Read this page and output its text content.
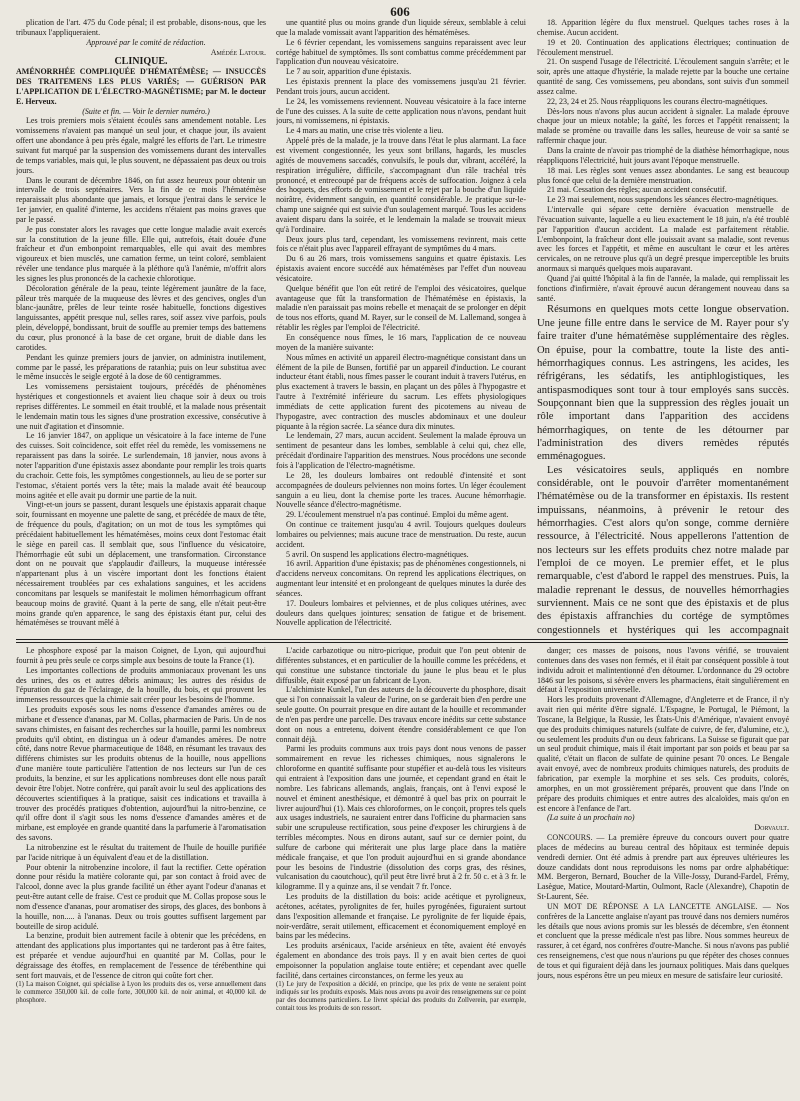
606

plication de l'art. 475 du Code pénal; il est probable, disons-nous, que les tribunaux l'appliqueraient.

Approuvé par le comité de rédaction.

Amédée Latour.

CLINIQUE.

AMÉNORRHÉE COMPLIQUÉE D'HÉMATÉMÈSE; — INSUCCÈS DES TRAITEMENS LES PLUS VARIÉS; — GUÉRISON PAR L'APPLICATION DE L'ÉLECTRO-MAGNÉTISME; par M. le docteur E. Herveux.

(Suite et fin. — Voir le dernier numéro.)

Les trois premiers mois s'étaient écoulés sans amendement notable. Les vomissemens n'avaient pas manqué un seul jour, et chaque jour, ils avaient offert une abondance à peu près égale, malgré les efforts de l'art. Le trimestre suivant fut marqué par la suspension des vomissemens durant des intervalles de temps variables, mais qui, le plus souvent, ne dépassaient pas deux ou trois jours.

Dans le courant de décembre 1846, on fut assez heureux pour obtenir un intervalle de trois septénaires. Vers la fin de ce mois l'hématémèse reparaissait plus abondante que jamais, et lorsque j'entrai dans le service le 1er janvier, en qualité d'interne, les accidens n'étaient pas moins graves que par le passé.

Je pus constater alors les ravages que cette longue maladie avait exercés sur la constitution de la jeune fille. Elle qui, autrefois, était douée d'une fraîcheur et d'un embonpoint remarquables, elle qui avait des membres vigoureux et bien musclés, une carnation ferme, un teint coloré, semblaient révéler une tendance plus marquée à la pléthore qu'à l'anémie, m'offrit alors les signes les plus prononcés de la cachexie chlorotique.

Décoloration générale de la peau, teinte légèrement jaunâtre de la face, pâleur très marquée de la muqueuse des lèvres et des gencives, ongles d'un blanc-jaunâtre, prêles de leur teinte rosée habituelle, fonctions digestives languissantes, appétit presque nul, selles rares, soif assez vive parfois, pouls plein, développé, bondissant, bruit de souffle au premier temps des battemens du cœur, plus prononcé à la base de cet organe, bruit de diable dans les carotides.

Pendant les quinze premiers jours de janvier, on administra inutilement, comme par le passé, les préparations de ratanhia; puis on leur substitua avec le même insuccès le seigle ergoté à la dose de 60 centigrammes.

Les vomissemens persistaient toujours, précédés de phénomènes hystériques et congestionnels et avaient lieu chaque soir à deux ou trois reprises différentes. Le sommeil en était troublé, et la malade nous présentait le lendemain matin tous les signes d'une prostration excessive, consécutive à une nuit d'agitation et d'insomnie.

Le 16 janvier 1847, on applique un vésicatoire à la face interne de l'une des cuisses. Soit coïncidence, soit effet réel du remède, les vomissemens ne reparaissent pas dans la soirée. Le surlendemain, 18 janvier, nous avons à noter l'apparition d'une épistaxis assez abondante pour remplir les trois quarts du crachoir. Cette fois, les symptômes congestionnels, au lieu de se porter sur l'estomac, s'étaient portés vers la tête; mais la malade avait été beaucoup moins agitée et elle avait pu dormir une partie de la nuit.

Vingt-et-un jours se passent, durant lesquels une épistaxis apparait chaque soir, fournissant en moyenne une palette de sang, et précédée de maux de tête, de fréquence du pouls, d'agitation; on un mot de tous les symptômes qui précédaient habituellement les hématémèses, moins ceux dont l'estomac était le siège en pareil cas. Il semblait que, sous l'influence du vésicatoire, l'hémorrhagie eût subi un déplacement, une transformation. Circonstance dont on ne pouvait que s'applaudir d'ailleurs, la muqueuse intéressée n'appartenant plus à un viscère important dont les fonctions étaient nécessairement troublées par ces exhalations sanguines, et les accidens concomitans par lesquels se manifestait le molimen hémorrhagicum offrant beaucoup moins de gravité. Quant à la perte de sang, elle n'était peut-être moins grande qu'en apparence, le sang des épistaxis étant pur, celui des hématémèses se trouvant mêlé à

une quantité plus ou moins grande d'un liquide séreux, semblable à celui que la malade vomissait avant l'apparition des hématémèses.

Le 6 février cependant, les vomissemens sanguins reparaissent avec leur cortége habituel de symptômes. Ils sont combattus comme précédemment par l'application d'un nouveau vésicatoire.

Le 7 au soir, apparition d'une épistaxis.

Les épistaxis prennent la place des vomissemens jusqu'au 21 février. Pendant trois jours, aucun accident.

Le 24, les vomissemens reviennent. Nouveau vésicatoire à la face interne de l'une des cuisses. A la suite de cette application nous n'avons, pendant huit jours, ni vomissemens, ni épistaxis.

Le 4 mars au matin, une crise très violente a lieu.

Appelé près de la malade, je la trouve dans l'état le plus alarmant. La face est vivement congestionnée, les yeux sont brillans, hagards, les muscles agités de mouvemens saccadés, convulsifs, le pouls dur, vibrant, accéléré, la respiration irrégulière, difficile, s'accompagnant d'un râle trachéal très prononcé, et entrecoupé par de fréquens accès de suffocation. Joignez à cela des hoquets, des efforts de vomissement et le rejet par la bouche d'un liquide noirâtre, évidemment sanguin, en quantité considérable. Je pratique sur-le-champ une saignée qui est suivie d'un soulagement marqué. Tous les accidens avaient disparu dans la soirée, et le lendemain la malade se trouvait mieux qu'à l'ordinaire.

Deux jours plus tard, cependant, les vomissemens revinrent, mais cette fois ce n'était plus avec l'appareil effrayant de symptômes du 4 mars.

Du 6 au 26 mars, trois vomissemens sanguins et quatre épistaxis. Les épistaxis avaient encore succédé aux hématémèses par l'effet d'un nouveau vésicatoire.

Quelque bénéfit que l'on eût retiré de l'emploi des vésicatoires, quelque avantageuse que fût la transformation de l'hématémèse en épistaxis, la maladie n'en paraissait pas moins rebelle et menaçait de se prolonger en dépit de tous nos efforts, quand M. Rayer, sur le conseil de M. Lallemand, songea à rétablir les règles par l'emploi de l'électricité.

En conséquence nous fîmes, le 16 mars, l'application de ce nouveau moyen de la manière suivante:

Nous mîmes en activité un appareil électro-magnétique consistant dans un élément de la pile de Bunsen, fortifié par un appareil d'induction. Le courant inducteur étant établi, nous fîmes passer le courant induit à travers l'utérus, en plus exactement à travers le bassin, en plaçant un des pôles à l'hypogastre et l'autre à l'extrémité inférieure du sacrum. Les effets physiologiques immédiats de cette application furent des picotemens au niveau de l'hypogastre, avec contraction des muscles abdominaux et une douleur piquante à la région sacrée. La séance dura dix minutes.

Le lendemain, 27 mars, aucun accident. Seulement la malade éprouva un sentiment de pesanteur dans les lombes, semblable à celui qui, chez elle, précédait d'ordinaire l'apparition des menstrues. Nous procédons une seconde fois à l'application de l'électro-magnétisme.

Le 28, les douleurs lombaires ont redoublé d'intensité et sont accompagnées de douleurs pelviennes non moins fortes. Un léger écoulement sanguin a eu lieu, dont la chemise porte les traces. Aucune hémorrhagie. Nouvelle séance d'électro-magnétisme.

29. L'écoulement menstruel n'a pas continué. Emploi du même agent.

On continue ce traitement jusqu'au 4 avril. Toujours quelques douleurs lombaires ou pelviennes; mais aucune trace de menstruation. Du reste, aucun accident.

5 avril. On suspend les applications électro-magnétiques.

16 avril. Apparition d'une épistaxis; pas de phénomènes congestionnels, ni d'accidens nerveux concomitans. On reprend les applications électriques, on augmentant leur intensité et en prolongeant de quelques minutes la durée des séances.

17. Douleurs lombaires et pelviennes, et de plus coliques utérines, avec douleurs dans quelques jointures; sensation de fatigue et de brisement. Nouvelle application de l'électricité.

18. Apparition légère du flux menstruel. Quelques taches roses à la chemise. Aucun accident.

19 et 20. Continuation des applications électriques; continuation de l'écoulement menstruel.

21. On suspend l'usage de l'électricité. L'écoulement sanguin s'arrête; et le soir, après une attaque d'hystérie, la malade rejette par la bouche une certaine quantité de sang. Ces vomissemens, peu abondans, sont suivis d'un sommeil assez calme.

22, 23, 24 et 25. Nous réappliquons les courans électro-magnétiques.

Dès-lors nous n'avons plus aucun accident à signaler. La malade éprouve chaque jour un mieux notable; la gaîté, les forces et l'appétit renaissent; la malade se promène ou travaille dans les salles, heureuse de voir sa santé se raffermir chaque jour.

Dans la crainte de n'avoir pas triomphé de la diathèse hémorrhagique, nous réappliquons l'électricité, huit jours avant l'époque menstruelle.

18 mai. Les règles sont venues assez abondantes. Le sang est beaucoup plus foncé que celui de la dernière menstruation.

21 mai. Cessation des règles; aucun accident consécutif.

Le 23 mai seulement, nous suspendons les séances électro-magnétiques.

L'intervalle qui sépare cette dernière évacuation menstruelle de l'évacuation suivante, laquelle a eu lieu exactement le 18 juin, n'a été troublé par l'apparition d'aucun accident. La malade est parfaitement rétablie. L'embonpoint, la fraîcheur dont elle jouissait avant sa maladie, sont revenus avec les forces et l'appétit, et même en auscultant le cœur et les artères cervicales, on ne retrouve plus qu'à un degré presque imperceptible les bruits anormaux si marqués quelques mois auparavant.

Quand j'ai quitté l'hôpital à la fin de l'année, la malade, qui remplissait les fonctions d'infirmière, n'avait éprouvé aucun dérangement nouveau dans sa santé.

Résumons en quelques mots cette longue observation. Une jeune fille entre dans le service de M. Rayer pour s'y faire traiter d'une hématémèse supplémentaire des règles. On épuise, pour la combattre, toute la liste des anti-hémorrhagiques connus. Les astringens, les acides, les réfrigérans, les sédatifs, les antiphlogistiques, les antispasmodiques sont tour à tour employés sans succès. Soupçonnant bien que la suppression des règles jouait un rôle important dans l'apparition des accidens hémorrhagiques, on tente de les détourner par l'administration des divers remèdes réputés emménagogues.

Les vésicatoires seuls, appliqués en nombre considérable, ont le pouvoir d'arrêter momentanément l'hématémèse ou de la transformer en épistaxis. Ils restent impuissans, néanmoins, à prévenir le retour des hémorrhagies. C'est alors qu'on songe, comme dernière ressource, à l'électricité. Nous appellerons l'attention de nos lecteurs sur les effets produits chez notre malade par l'emploi de ce moyen. Le premier effet, et le plus remarquable, c'est d'abord le rappel des menstrues. Puis, la maladie reprenant le dessus, de nouvelles hémorrhagies surviennent. Mais ce ne sont que des épistaxis et de plus des épistaxis affranchies du cortége de symptômes congestionnels et hystériques qui les accompagnait

Le phosphore exposé par la maison Coignet, de Lyon, qui aujourd'hui fournit à peu près seule ce corps simple aux besoins de toute la France (1).

Les importantes collections de produits ammoniacaux provenant les uns des urines, des os et autres débris animaux; les autres des résidus de l'épuration du gaz de l'éclairage, de la houille, du bois, et qui prouvent les immenses ressources que la chimie sait créer pour les besoins de l'homme.

Les produits exposés sous les noms d'essence d'amandes amères ou de mirbane et d'essence d'ananas, par M. Collas, pharmacien de Paris. Un de nos savans chimistes, en faisant des recherches sur la houille, parmi les nombreux produits qu'il obtint, en distingua un à odeur d'amandes amères. De notre côté, dans notre Revue pharmaceutique de 1848, en résumant les travaux des différens chimistes sur les produits obtenus de la houille, nous appellions d'une manière toute particulière l'attention de nos lecteurs sur l'un de ces produits, la benzine, et sur les applications nombreuses dont elle nous paraît devoir être l'objet. Notre confrère, qui paraît avoir lu seul des applications des découvertes scientifiques à la pratique, saisit ces indications et travailla à trouver des procédés pratiques d'obtention, aujourd'hui la nitro-benzine, ce qu'il offre dont il s'agit sous les noms d'essence d'amandes amères et de mirbane, est employée en grande quantité dans la parfumerie à l'aromatisation des savons.

La nitrobenzine est le résultat du traitement de l'huile de houille purifiée par l'acide nitrique à un équivalent d'eau et de la distillation.

Pour obtenir la nitrobenzine incolore, il faut la rectifier. Cette opération donne pour résidu la matière colorante qui, par son contact à froid avec de l'alcool, donne avec la plus grande facilité un éther ayant l'odeur d'ananas et peut-être autant celle de fraise. C'est ce produit que M. Collas propose sous le nom d'essence d'ananas, pour aromatiser des sirops, des glaces, des bonbons à la houille, non..... à l'ananas. Deux ou trois gouttes suffisent largement par bouteille de sirop acidulé.

La benzine, produit bien autrement facile à obtenir que les précédens, en attendant des applications plus importantes qui ne tarderont pas à être faites, est préparée et vendue aujourd'hui en quantité par M. Collas, pour le dégraissage des étoffes, en remplacement de l'essence de térébenthine qui sent fort mauvais, et de l'essence de citron qui coûte fort cher.

(1) La maison Coignet, qui spécialise à Lyon les produits des os, verse annuellement dans le commerce 350,000 kil. de colle forte, 300,000 kil. de noir animal, et 40,000 kil. de phosphore.

L'acide carbazotique ou nitro-picrique, produit que l'on peut obtenir de différentes substances, et en particulier de la houille comme les précédens, et qui constitue une substance tinctoriale du jaune le plus beau et le plus diffusible, était exposé par un fabricant de Lyon.

L'alchimiste Kunkel, l'un des auteurs de la découverte du phosphore, disait que si l'on connaissait la valeur de l'urine, on se garderait bien d'en perdre une seule goutte. On pourrait presque en dire autant de la houille et recommander de n'en pas perdre une parcelle. Des travaux encore inédits sur cette substance dont on nous a entretenu, doivent étendre considérablement ce que l'on connait déjà.

Parmi les produits communs aux trois pays dont nous venons de passer sommairement en revue les richesses chimiques, nous signalerons le chloroforme en quantité suffisante pour stupéfier et au-delà tous les visiteurs qui entraient à l'exposition dans une journée, et cependant grand en était le nombre. Les fabricans allemands, anglais, français, ont à l'envi exposé le nouvel et éminent anesthésique, et démontré à quel bas prix on pourrait le livrer aujourd'hui (1). Mais ces chloroformes, on le conçoit, propres tels quels aux usages industriels, ne sauraient entrer dans l'officine du pharmacien sans subir une scrupuleuse rectification, sous peine d'exposer les chirurgiens à de terribles mécomptes. Nous en dirons autant, sauf sur ce dernier point, du sulfure de carbone qui mériterait une plus large place dans la matière médicale française, et que l'on produit aujourd'hui en si grande abondance pour les besoins de l'industrie (dissolution des corps gras, des résines, vulcanisation du caoutchouc), qu'il peut être livré brut à 2 fr. 50 c. et à 3 fr. le kilogramme. Il y a quinze ans, il se vendait 7 fr. l'once.

Les produits de la distillation du bois: acide acétique et pyroligneux, acétones, acétates, pyrolignites de fer, huiles pyrogénées, figuraient surtout dans l'exposition allemande et française. Le pyrolignite de fer liquide épais, noir-verdâtre, serait utilement, efficacement et économiquement employé en bains par les médecins.

Les produits arsénicaux, l'acide arsénieux en tête, avaient été envoyés également en abondance des trois pays. Il y en avait bien certes de quoi empoisonner la population anglaise toute entière; et cependant avec quelle facilité, dans certaines circonstances, on ferme les yeux au

(1) Le jury de l'exposition a décidé, en principe, que les prix de vente ne seraient point indiqués sur les produits exposés. Mais nous avons pu avoir des renseignemens sur ce point par des documens particuliers. Le livret spécial des produits du Zollverein, par exemple, contait tous les produits de son ressort.

danger; ces masses de poisons, nous l'avons vérifié, se trouvaient contenues dans des vases non fermés, et il était par conséquent possible à tout individu adroit et malintentionné d'en détourner. L'ordonnance du 29 octobre 1846 sur les poisons, si sévère envers les pharmaciens, était singulièrement en défaut à l'exposition universelle.

Hors les produits provenant d'Allemagne, d'Angleterre et de France, il n'y avait rien qui mérite d'être signalé. L'Espagne, le Portugal, le Piémont, la Toscane, la Belgique, la Russie, les États-Unis d'Amérique, n'avaient envoyé que des produits chimiques naturels (sulfate de cuivre, de fer, d'alumine, etc.), ou seulement les produits d'un ou deux fabricans. La Suisse se figurait que par un seul produit chimique, mais il était important par son poids et beau par sa qualité, c'était un flacon de sulfate de quinine pesant 70 onces. Le Bengale avait envoyé, avec de nombreux produits chimiques naturels, des produits de fabrication, par exemple la morphine et ses sels. Ces produits, colorés, amorphes, en un mot grossièrement préparés, prouvent que dans l'Inde on prépare des produits chimiques et entre autres des alcaloïdes, mais qu'on en est encore à l'enfance de l'art.

(La suite à un prochain no)

Dorvault.

CONCOURS. — La première épreuve du concours ouvert pour quatre places de médecins au bureau central des hôpitaux est terminée depuis vendredi dernier. Ont été admis à prendre part aux épreuves ultérieures les douze candidats dont nous reproduisons les noms par ordre alphabétique: MM. Bergeron, Bernard, Boucher de la Ville-Jossy, Durand-Fardel, Frémy, Lasègue, Matice, Moutard-Martin, Oulmont, Racle (Alexandre), Chapotin de St-Laurent, Sée.

UN MOT DE RÉPONSE A LA LANCETTE ANGLAISE. — Nos confrères de la Lancette anglaise n'ayant pas trouvé dans nos derniers numéros les détails que nous avions promis sur les blessés de décembre, s'en étonnent et concluent que la presse médicale n'est pas libre. Nous sommes heureux de rassurer, à cet égard, nos confrères d'outre-Manche. Si nous n'avons pas publié ces renseignemens, c'est que nous n'aurions pu que répéter des choses connues de tous et qui figuraient déjà dans les journaux politiques. Mais dans quelques jours, nous espérons être un peu mieux en mesure de satisfaire leur curiosité.
